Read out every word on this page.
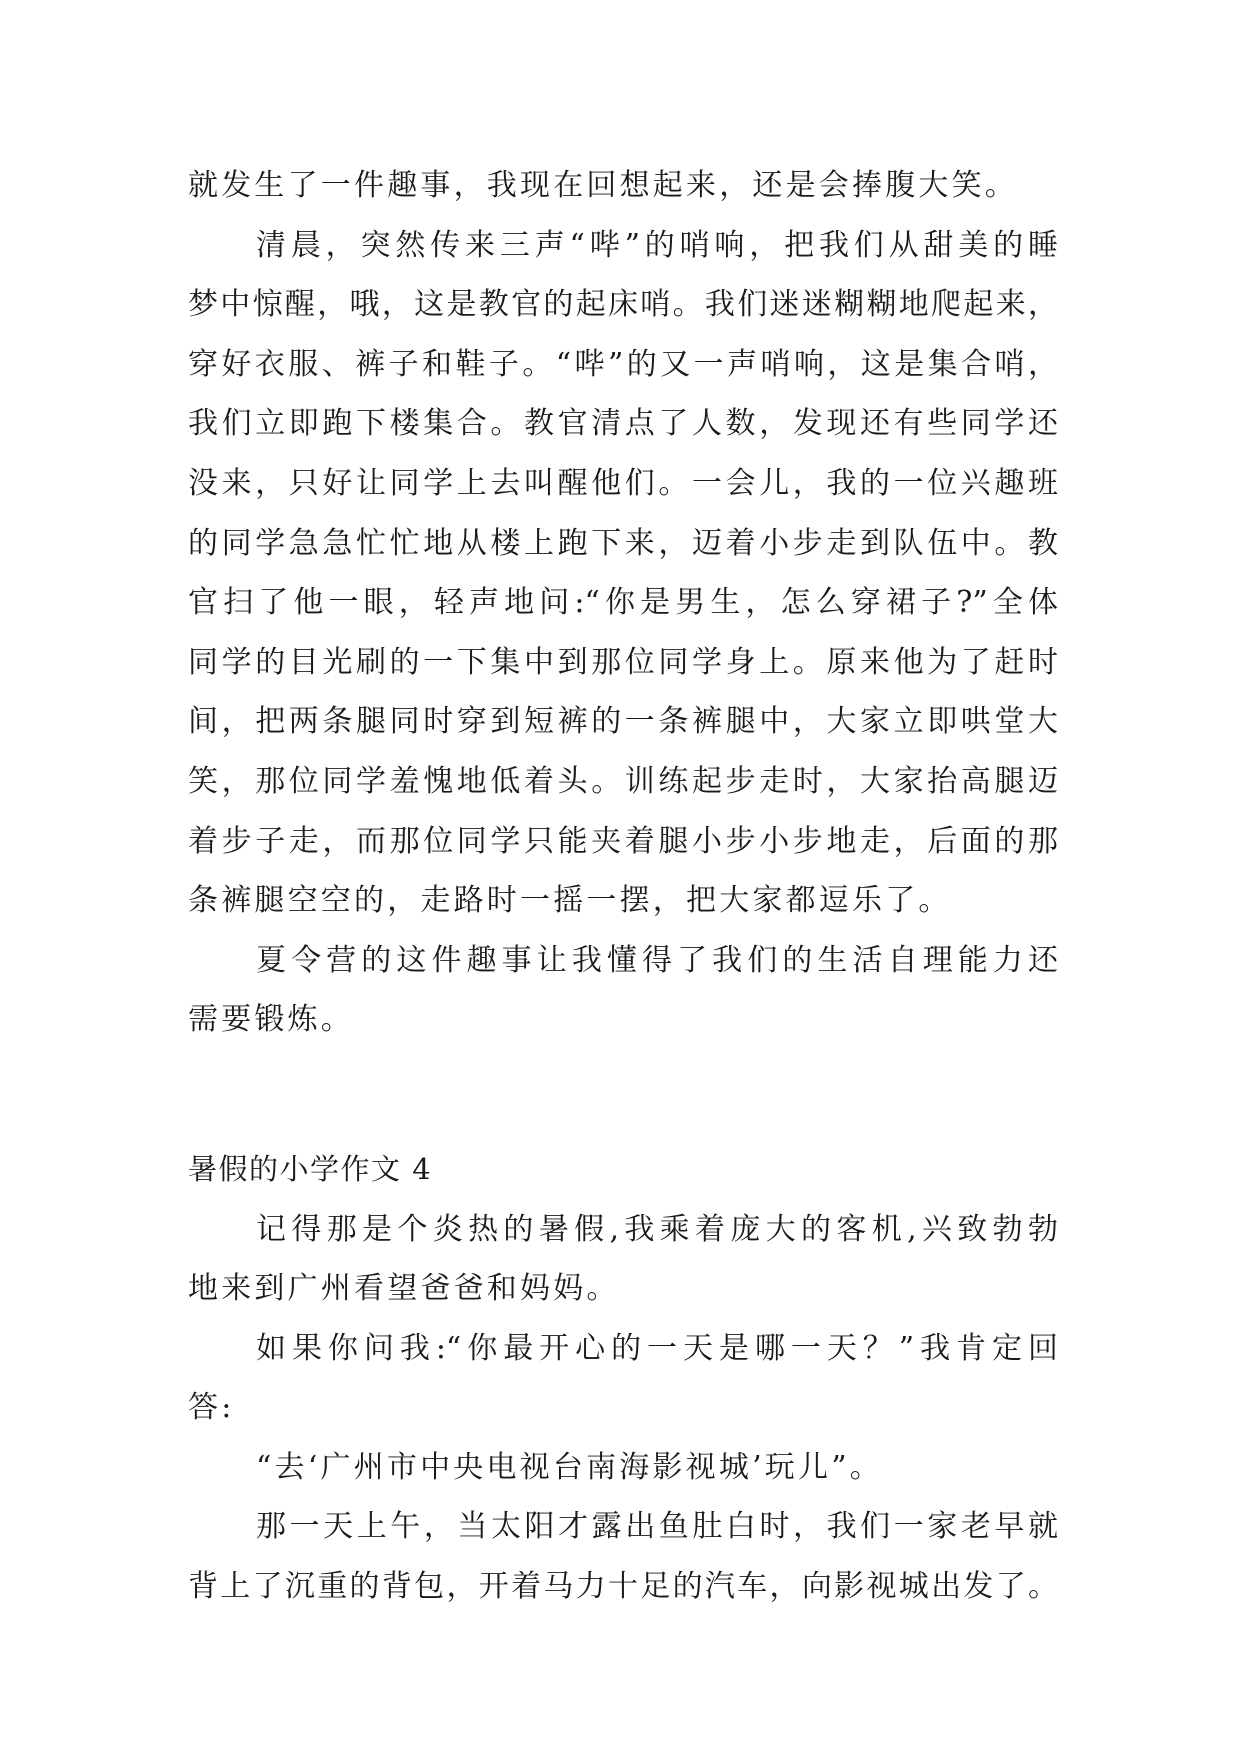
就发生了一件趣事，我现在回想起来，还是会捧腹大笑。
清晨，突然传来三声“哔”的哨响，把我们从甜美的睡
梦中惊醒，哦，这是教官的起床哨。我们迷迷糊糊地爬起来，
穿好衣服、裤子和鞋子。“哔”的又一声哨响，这是集合哨，
我们立即跑下楼集合。教官清点了人数，发现还有些同学还
没来，只好让同学上去叫醒他们。一会儿，我的一位兴趣班
的同学急急忙忙地从楼上跑下来，迈着小步走到队伍中。教
官扫了他一眼，轻声地问:“你是男生，怎么穿裙子?”全体
同学的目光刷的一下集中到那位同学身上。原来他为了赶时
间，把两条腿同时穿到短裤的一条裤腿中，大家立即哄堂大
笑，那位同学羞愧地低着头。训练起步走时，大家抬高腿迈
着步子走，而那位同学只能夹着腿小步小步地走，后面的那
条裤腿空空的，走路时一摇一摆，把大家都逗乐了。
夏令营的这件趣事让我懂得了我们的生活自理能力还
需要锻炼。
暑假的小学作文 4
记得那是个炎热的暑假,我乘着庞大的客机,兴致勃勃
地来到广州看望爸爸和妈妈。
如果你问我:“你最开心的一天是哪一天？”我肯定回
答:
“去‘广州市中央电视台南海影视城’玩儿”。
那一天上午，当太阳才露出鱼肚白时，我们一家老早就
背上了沉重的背包，开着马力十足的汽车，向影视城出发了。
